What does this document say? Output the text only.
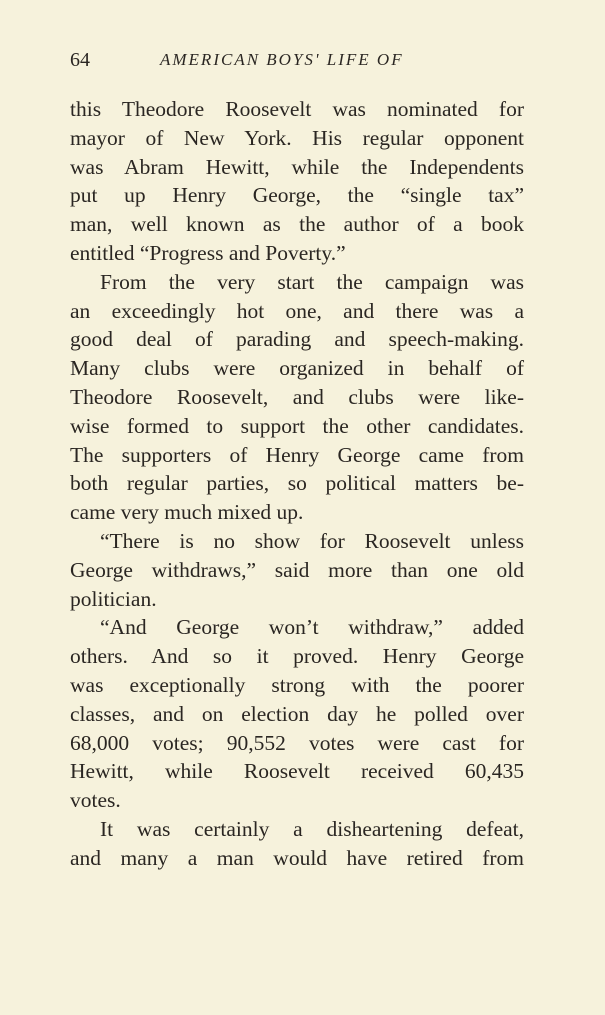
64	AMERICAN BOYS' LIFE OF
this Theodore Roosevelt was nominated for
mayor of New York. His regular opponent
was Abram Hewitt, while the Independents
put up Henry George, the “single tax”
man, well known as the author of a book
entitled “Progress and Poverty.”
From the very start the campaign was
an exceedingly hot one, and there was a
good deal of parading and speech-making.
Many clubs were organized in behalf of
Theodore Roosevelt, and clubs were like-
wise formed to support the other candidates.
The supporters of Henry George came from
both regular parties, so political matters be-
came very much mixed up.
“There is no show for Roosevelt unless
George withdraws,” said more than one old
politician.
“And George won’t withdraw,” added
others. And so it proved. Henry George
was exceptionally strong with the poorer
classes, and on election day he polled over
68,000 votes; 90,552 votes were cast for
Hewitt, while Roosevelt received 60,435
votes.
It was certainly a disheartening defeat,
and many a man would have retired from
